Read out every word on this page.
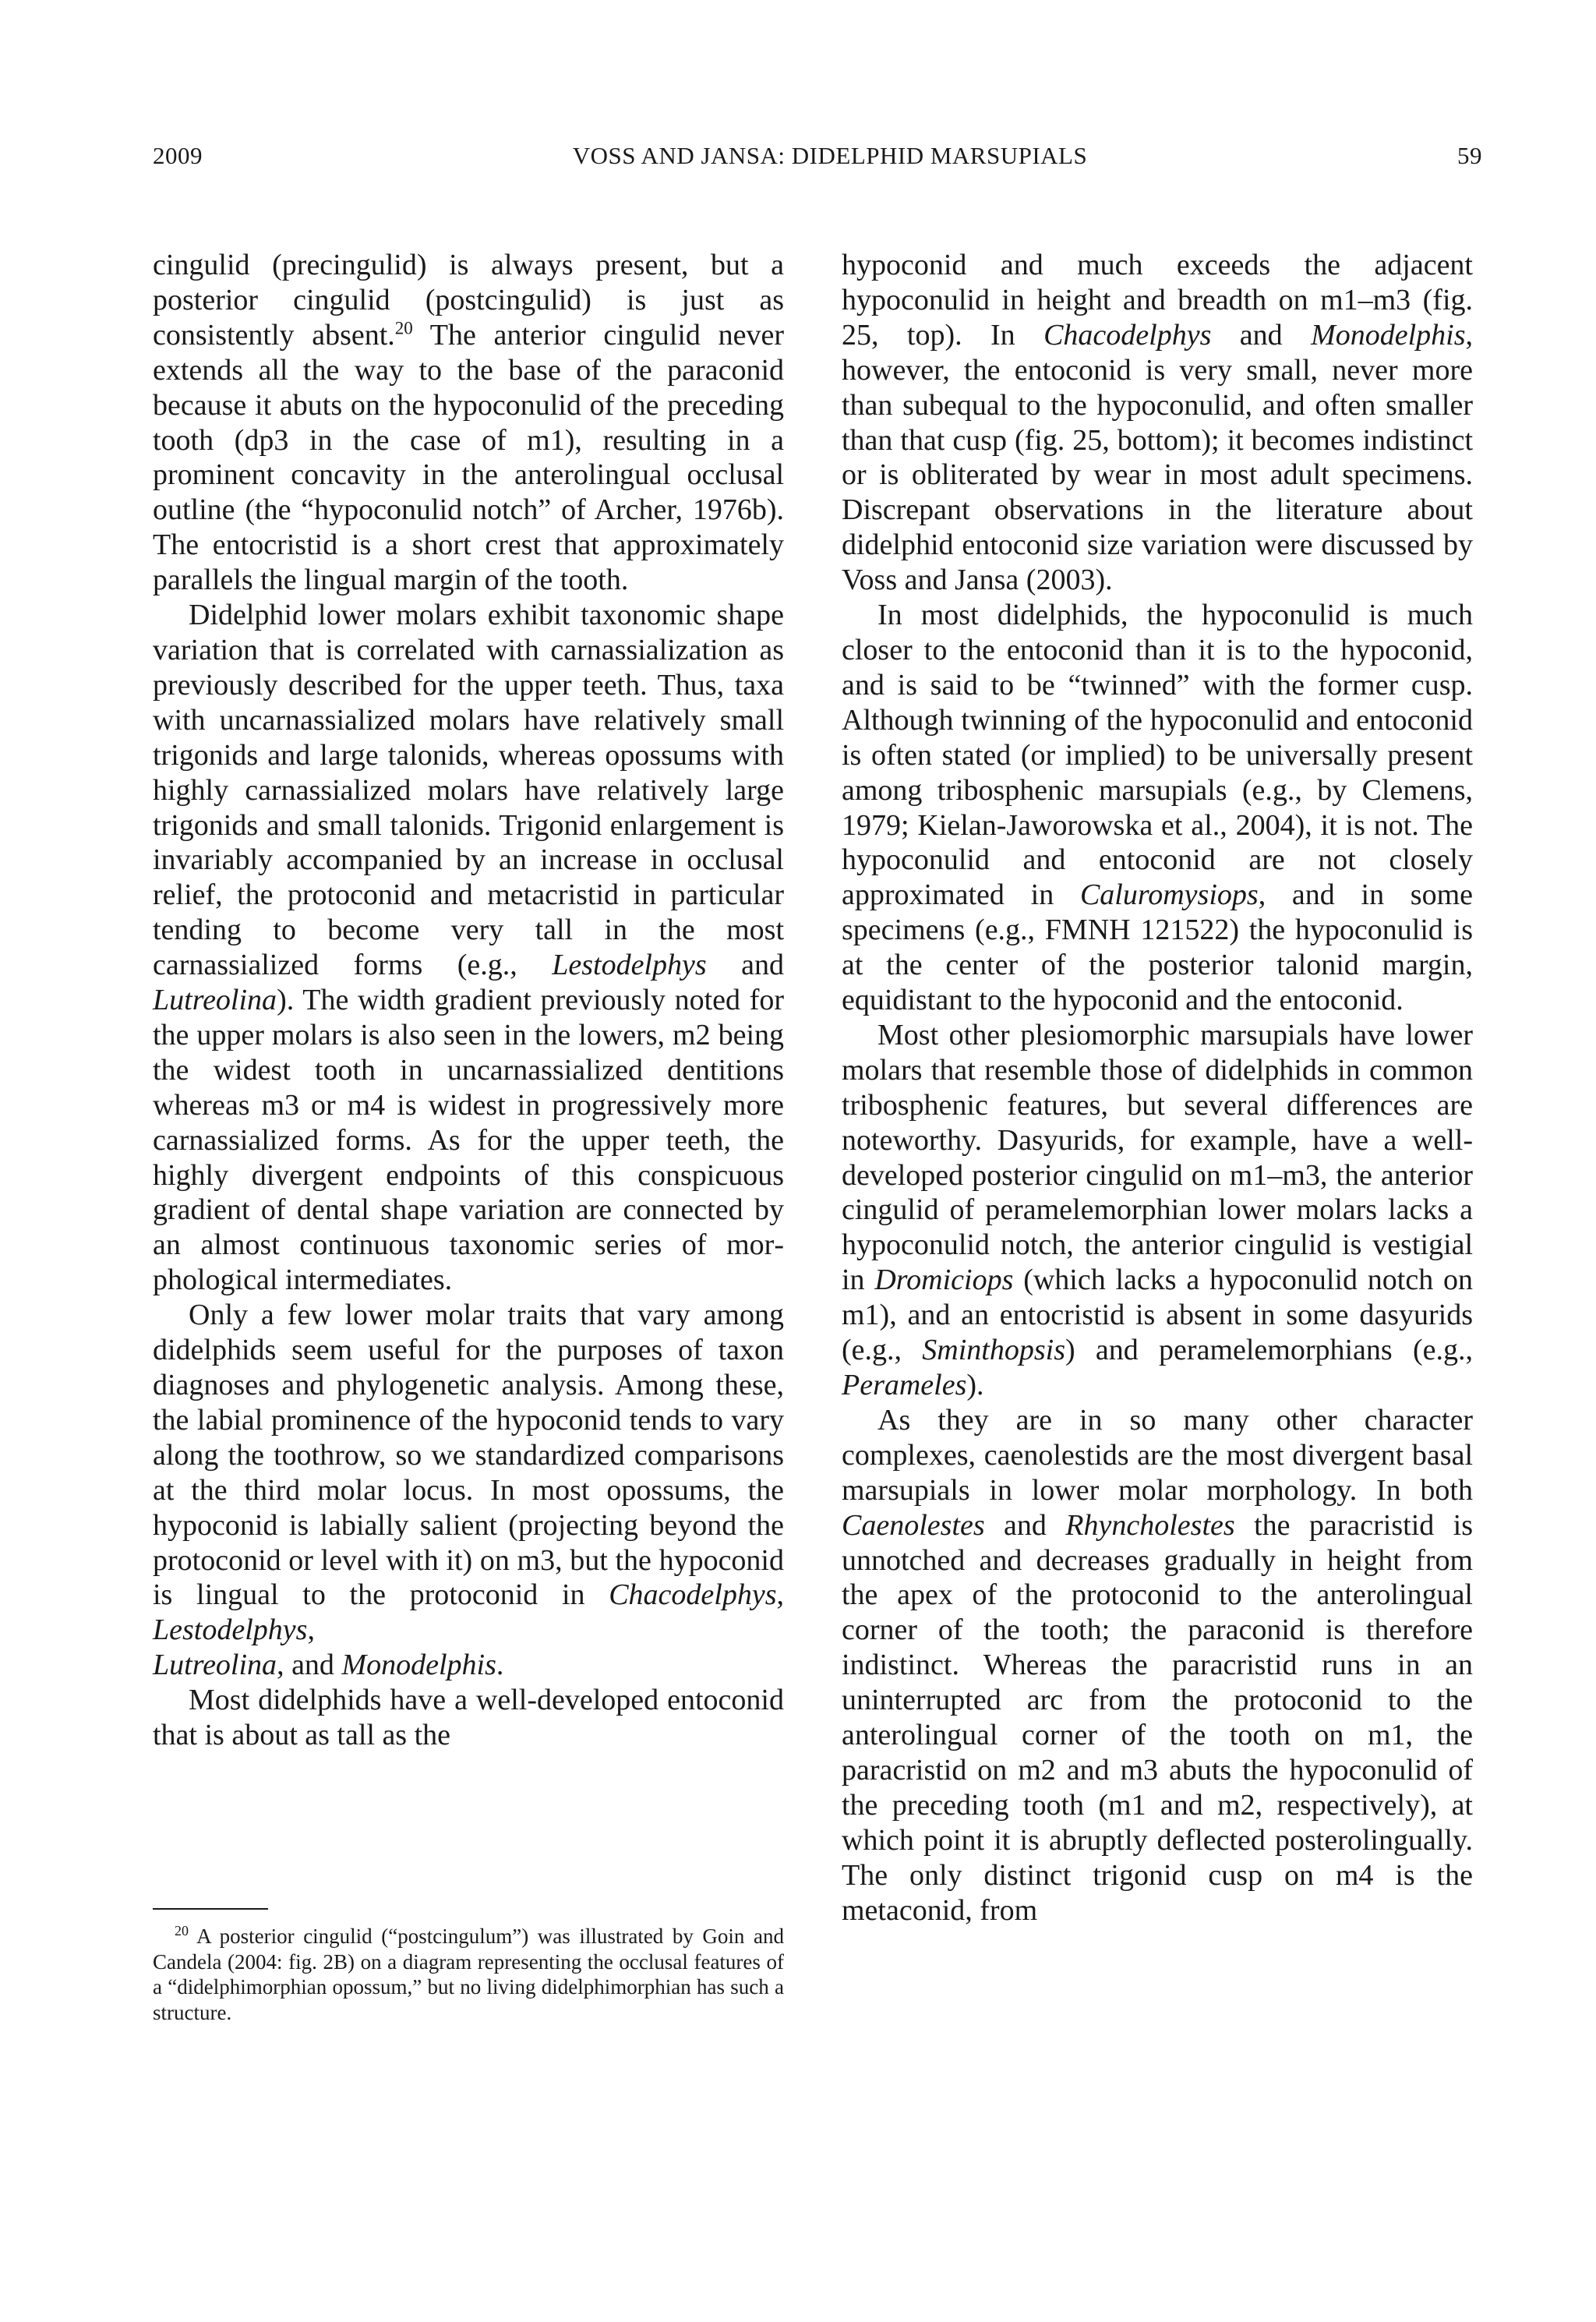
2009	VOSS AND JANSA: DIDELPHID MARSUPIALS	59

cingulid (precingulid) is always present, but a posterior cingulid (postcingulid) is just as consistently absent.$^{20}$ The anterior cingulid never extends all the way to the base of the paraconid because it abuts on the hypoconulid of the preceding tooth (dp3 in the case of m1), resulting in a prominent concavity in the anterolingual occlusal outline (the “hypoconulid notch” of Archer, 1976b). The entocristid is a short crest that approximately parallels the lingual margin of the tooth.

Didelphid lower molars exhibit taxonomic shape variation that is correlated with carnassialization as previously described for the upper teeth. Thus, taxa with uncarnassialized molars have relatively small trigonids and large talonids, whereas opossums with highly carnassialized molars have relatively large trigonids and small talonids. Trigonid enlargement is invariably accompanied by an increase in occlusal relief, the protoconid and metacristid in particular tending to become very tall in the most carnassialized forms (e.g., Lestodelphys and Lutreolina). The width gradient previously noted for the upper molars is also seen in the lowers, m2 being the widest tooth in uncarnassialized dentitions whereas m3 or m4 is widest in progressively more carnassialized forms. As for the upper teeth, the highly divergent endpoints of this conspicuous gradient of dental shape variation are connected by an almost continuous taxonomic series of morphological intermediates.

Only a few lower molar traits that vary among didelphids seem useful for the purposes of taxon diagnoses and phylogenetic analysis. Among these, the labial prominence of the hypoconid tends to vary along the toothrow, so we standardized comparisons at the third molar locus. In most opossums, the hypoconid is labially salient (projecting beyond the protoconid or level with it) on m3, but the hypoconid is lingual to the protoconid in Chacodelphys, Lestodelphys,
Lutreolina, and Monodelphis.

Most didelphids have a well-developed entoconid that is about as tall as the

$^{20}$ A posterior cingulid (“postcingulum”) was illustrated by Goin and Candela (2004: fig. 2B) on a diagram representing the occlusal features of a “didelphimorphian opossum,” but no living didelphimorphian has such a structure.

hypoconid and much exceeds the adjacent hypoconulid in height and breadth on m1–m3 (fig. 25, top). In Chacodelphys and Monodelphis, however, the entoconid is very small, never more than subequal to the hypoconulid, and often smaller than that cusp (fig. 25, bottom); it becomes indistinct or is obliterated by wear in most adult specimens. Discrepant observations in the literature about didelphid entoconid size variation were discussed by Voss and Jansa (2003).

In most didelphids, the hypoconulid is much closer to the entoconid than it is to the hypoconid, and is said to be “twinned” with the former cusp. Although twinning of the hypoconulid and entoconid is often stated (or implied) to be universally present among tribosphenic marsupials (e.g., by Clemens, 1979; Kielan-Jaworowska et al., 2004), it is not. The hypoconulid and entoconid are not closely approximated in Caluromysiops, and in some specimens (e.g., FMNH 121522) the hypoconulid is at the center of the posterior talonid margin, equidistant to the hypoconid and the entoconid.

Most other plesiomorphic marsupials have lower molars that resemble those of didelphids in common tribosphenic features, but several differences are noteworthy. Dasyurids, for example, have a well-developed posterior cingulid on m1–m3, the anterior cingulid of peramelemorphian lower molars lacks a hypoconulid notch, the anterior cingulid is vestigial in Dromiciops (which lacks a hypoconulid notch on m1), and an entocristid is absent in some dasyurids (e.g., Sminthopsis) and peramelemorphians (e.g., Perameles).

As they are in so many other character complexes, caenolestids are the most divergent basal marsupials in lower molar morphology. In both Caenolestes and Rhyncholestes the paracristid is unnotched and decreases gradually in height from the apex of the protoconid to the anterolingual corner of the tooth; the paraconid is therefore indistinct. Whereas the paracristid runs in an uninterrupted arc from the protoconid to the anterolingual corner of the tooth on m1, the paracristid on m2 and m3 abuts the hypoconulid of the preceding tooth (m1 and m2, respectively), at which point it is abruptly deflected posterolingually. The only distinct trigonid cusp on m4 is the metaconid, from
